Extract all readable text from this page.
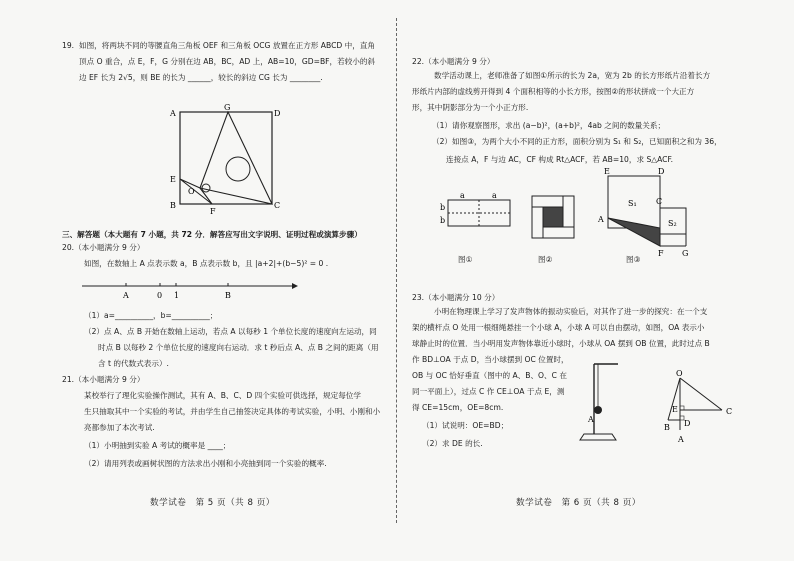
19. 如图，将两块不同的等腰直角三角板 OEF 和三角板 OCG 放置在正方形 ABCD 中，直角
顶点 O 重合，点 E，F，G 分别在边 AB，BC，AD 上，AB=10，GD=BF，若较小的斜
边 EF 长为 2√5，则 BE 的长为 ______，较长的斜边 CG 长为 ________.
A
G
D
E
O
B
F
C
三、解答题（本大题有 7 小题，共 72 分．解答应写出文字说明、证明过程或演算步骤）
20.（本小题满分 9 分）
如图，在数轴上 A 点表示数 a，B 点表示数 b，且 |a+2|+(b−5)² = 0 .
A	0 1	B
（1）a=__________，b=__________；
（2）点 A、点 B 开始在数轴上运动，若点 A 以每秒 1 个单位长度的速度向左运动，同
时点 B 以每秒 2 个单位长度的速度向右运动．求 t 秒后点 A、点 B 之间的距离（用
含 t 的代数式表示）.
21.（本小题满分 9 分）
某校举行了理化实验操作测试，其有 A、B、C、D 四个实验可供选择，规定每位学
生只抽取其中一个实验的考试，并由学生自己抽签决定具体的考试实验，小明、小刚和小
亮都参加了本次考试.
（1）小明抽到实验 A 考试的概率是 ____；
（2）请用列表或画树状图的方法求出小刚和小亮抽到同一个实验的概率.
数学试卷　第 5 页（共 8 页）
22.（本小题满分 9 分）
数学活动课上，老师准备了如图①所示的长为 2a，宽为 2b 的长方形纸片沿着长方
形纸片内部的虚线剪开得到 4 个面积相等的小长方形，按图②的形状拼成一个大正方
形，其中阴影部分为一个小正方形.
（1）请你观察图形，求出 (a−b)²，(a+b)²，4ab 之间的数量关系；
（2）如图③，为两个大小不同的正方形，面积分别为 S₁ 和 S₂，已知面积之和为 36，
连接点 A，F 与边 AC，CF 构成 Rt△ACF，若 AB=10，求 S△ACF.
a	a
b
b
图①	图②
E	D
S₁
S₂
A
C
F G
图③
23.（本小题满分 10 分）
小明在物理课上学习了发声物体的振动实验后，对其作了进一步的探究：在一个支
架的横杆点 O 处用一根细绳悬挂一个小球 A，小球 A 可以自由摆动，如图，OA 表示小
球静止时的位置．当小明用发声物体靠近小球时，小球从 OA 摆到 OB 位置，此时过点 B
作 BD⊥OA 于点 D，当小球摆到 OC 位置时，
OB 与 OC 恰好垂直（图中的 A、B、O、C 在
同一平面上），过点 C 作 CE⊥OA 于点 E，测
得 CE=15cm，OE=8cm.
（1）试说明：OE=BD；
（2）求 DE 的长.
A
O
B
C
E
D
A
数学试卷　第 6 页（共 8 页）
